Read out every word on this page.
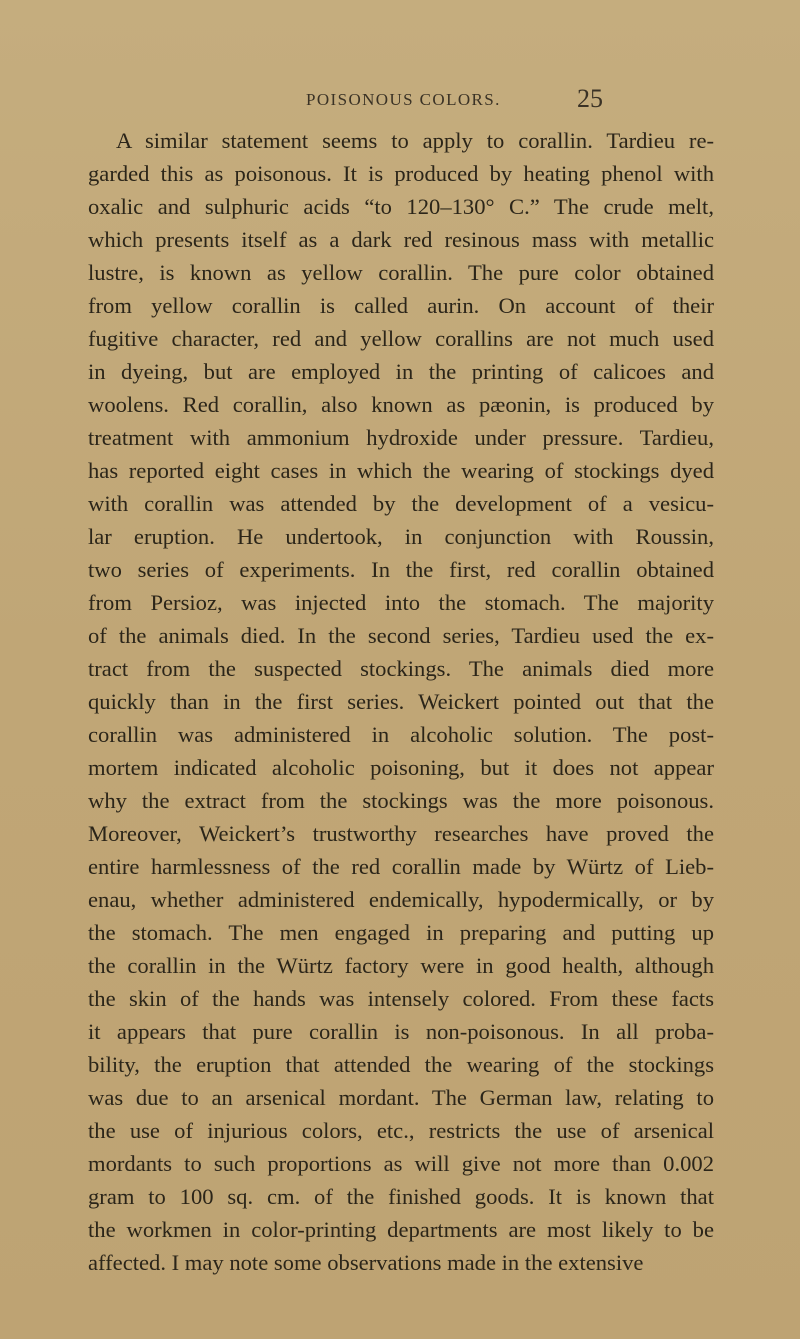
POISONOUS COLORS.	25
A similar statement seems to apply to corallin. Tardieu re-
garded this as poisonous. It is produced by heating phenol with
oxalic and sulphuric acids “to 120–130° C.” The crude melt,
which presents itself as a dark red resinous mass with metallic
lustre, is known as yellow corallin. The pure color obtained
from yellow corallin is called aurin. On account of their
fugitive character, red and yellow corallins are not much used
in dyeing, but are employed in the printing of calicoes and
woolens. Red corallin, also known as pæonin, is produced by
treatment with ammonium hydroxide under pressure. Tardieu,
has reported eight cases in which the wearing of stockings dyed
with corallin was attended by the development of a vesicu-
lar eruption. He undertook, in conjunction with Roussin,
two series of experiments. In the first, red corallin obtained
from Persioz, was injected into the stomach. The majority
of the animals died. In the second series, Tardieu used the ex-
tract from the suspected stockings. The animals died more
quickly than in the first series. Weickert pointed out that the
corallin was administered in alcoholic solution. The post-
mortem indicated alcoholic poisoning, but it does not appear
why the extract from the stockings was the more poisonous.
Moreover, Weickert’s trustworthy researches have proved the
entire harmlessness of the red corallin made by Würtz of Lieb-
enau, whether administered endemically, hypodermically, or by
the stomach. The men engaged in preparing and putting up
the corallin in the Würtz factory were in good health, although
the skin of the hands was intensely colored. From these facts
it appears that pure corallin is non-poisonous. In all proba-
bility, the eruption that attended the wearing of the stockings
was due to an arsenical mordant. The German law, relating to
the use of injurious colors, etc., restricts the use of arsenical
mordants to such proportions as will give not more than 0.002
gram to 100 sq. cm. of the finished goods. It is known that
the workmen in color-printing departments are most likely to be
affected. I may note some observations made in the extensive
